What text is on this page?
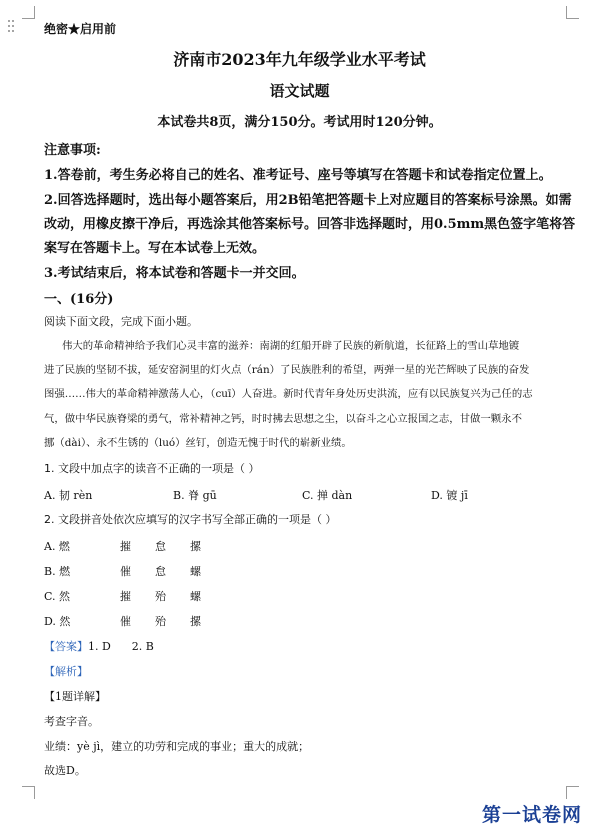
绝密★启用前
济南市2023年九年级学业水平考试
语文试题
本试卷共8页，满分150分。考试用时120分钟。
注意事项:
1.答卷前，考生务必将自己的姓名、准考证号、座号等填写在答题卡和试卷指定位置上。
2.回答选择题时，选出每小题答案后，用2B铅笔把答题卡上对应题目的答案标号涂黑。如需
改动，用橡皮擦干净后，再选涂其他答案标号。回答非选择题时，用0.5mm黑色签字笔将答
案写在答题卡上。写在本试卷上无效。
3.考试结束后，将本试卷和答题卡一并交回。
一、(16分)
阅读下面文段，完成下面小题。
伟大的革命精神给予我们心灵丰富的滋养：南湖的红船开辟了民族的新航道，长征路上的雪山草地镀
进了民族的坚韧不拔，延安窑洞里的灯火点（rán）了民族胜利的希望，两弹一星的光芒辉映了民族的奋发
图强……伟大的革命精神激荡人心，（cuī）人奋进。新时代青年身处历史洪流，应有以民族复兴为己任的志
气，做中华民族脊梁的勇气，常补精神之钙，时时拂去思想之尘，以奋斗之心立报国之志，甘做一颗永不
挪（dài）、永不生锈的（luó）丝钉，创造无愧于时代的崭新业绩。
1. 文段中加点字的读音不正确的一项是（ ）
A. 韧 rèn	B. 脊 gū	C. 掸 dàn	D. 镀 jī
2. 文段拼音处依次应填写的汉字书写全部正确的一项是（ ）
A. 燃	摧 怠 摞
B. 燃	催 怠 螺
C. 然	摧 殆 螺
D. 然	催 殆 摞
【答案】1. D      2. B
【解析】
【1题详解】
考查字音。
业绩：yè jì，建立的功劳和完成的事业；重大的成就；
故选D。
第一试卷网
